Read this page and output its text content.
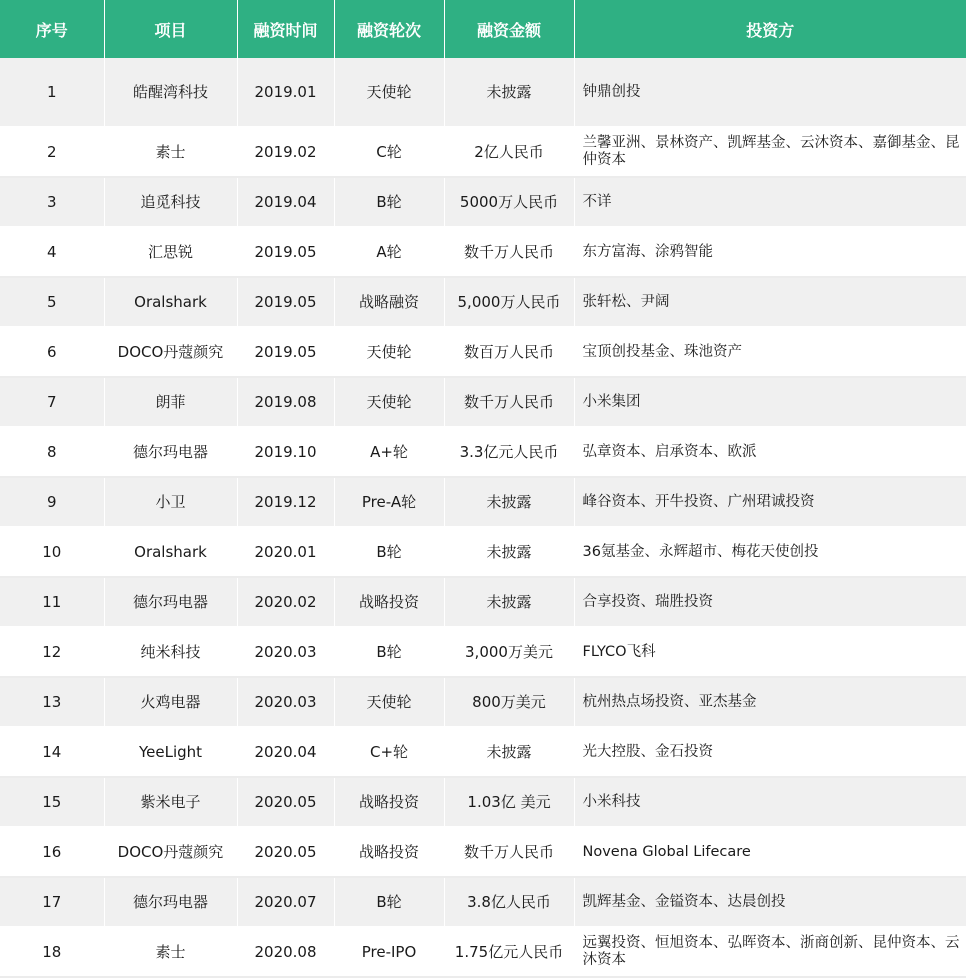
序号	项目	融资时间	融资轮次	融资金额	投资方
1	皓醒湾科技	2019.01	天使轮	未披露	钟鼎创投
2	素士	2019.02	C轮	2亿人民币	兰馨亚洲、景林资产、凯辉基金、云沐资本、嘉御基金、昆仲资本
3	追觅科技	2019.04	B轮	5000万人民币	不详
4	汇思锐	2019.05	A轮	数千万人民币	东方富海、涂鸦智能
5	Oralshark	2019.05	战略融资	5,000万人民币	张轩松、尹阔
6	DOCO丹蔻颜究	2019.05	天使轮	数百万人民币	宝顶创投基金、珠池资产
7	朗菲	2019.08	天使轮	数千万人民币	小米集团
8	德尔玛电器	2019.10	A+轮	3.3亿元人民币	弘章资本、启承资本、欧派
9	小卫	2019.12	Pre-A轮	未披露	峰谷资本、开牛投资、广州珺诚投资
10	Oralshark	2020.01	B轮	未披露	36氪基金、永辉超市、梅花天使创投
11	德尔玛电器	2020.02	战略投资	未披露	合享投资、瑞胜投资
12	纯米科技	2020.03	B轮	3,000万美元	FLYCO飞科
13	火鸡电器	2020.03	天使轮	800万美元	杭州热点场投资、亚杰基金
14	YeeLight	2020.04	C+轮	未披露	光大控股、金石投资
15	紫米电子	2020.05	战略投资	1.03亿 美元	小米科技
16	DOCO丹蔻颜究	2020.05	战略投资	数千万人民币	Novena Global Lifecare
17	德尔玛电器	2020.07	B轮	3.8亿人民币	凯辉基金、金镒资本、达晨创投
18	素士	2020.08	Pre-IPO	1.75亿元人民币	远翼投资、恒旭资本、弘晖资本、浙商创新、昆仲资本、云沐资本
